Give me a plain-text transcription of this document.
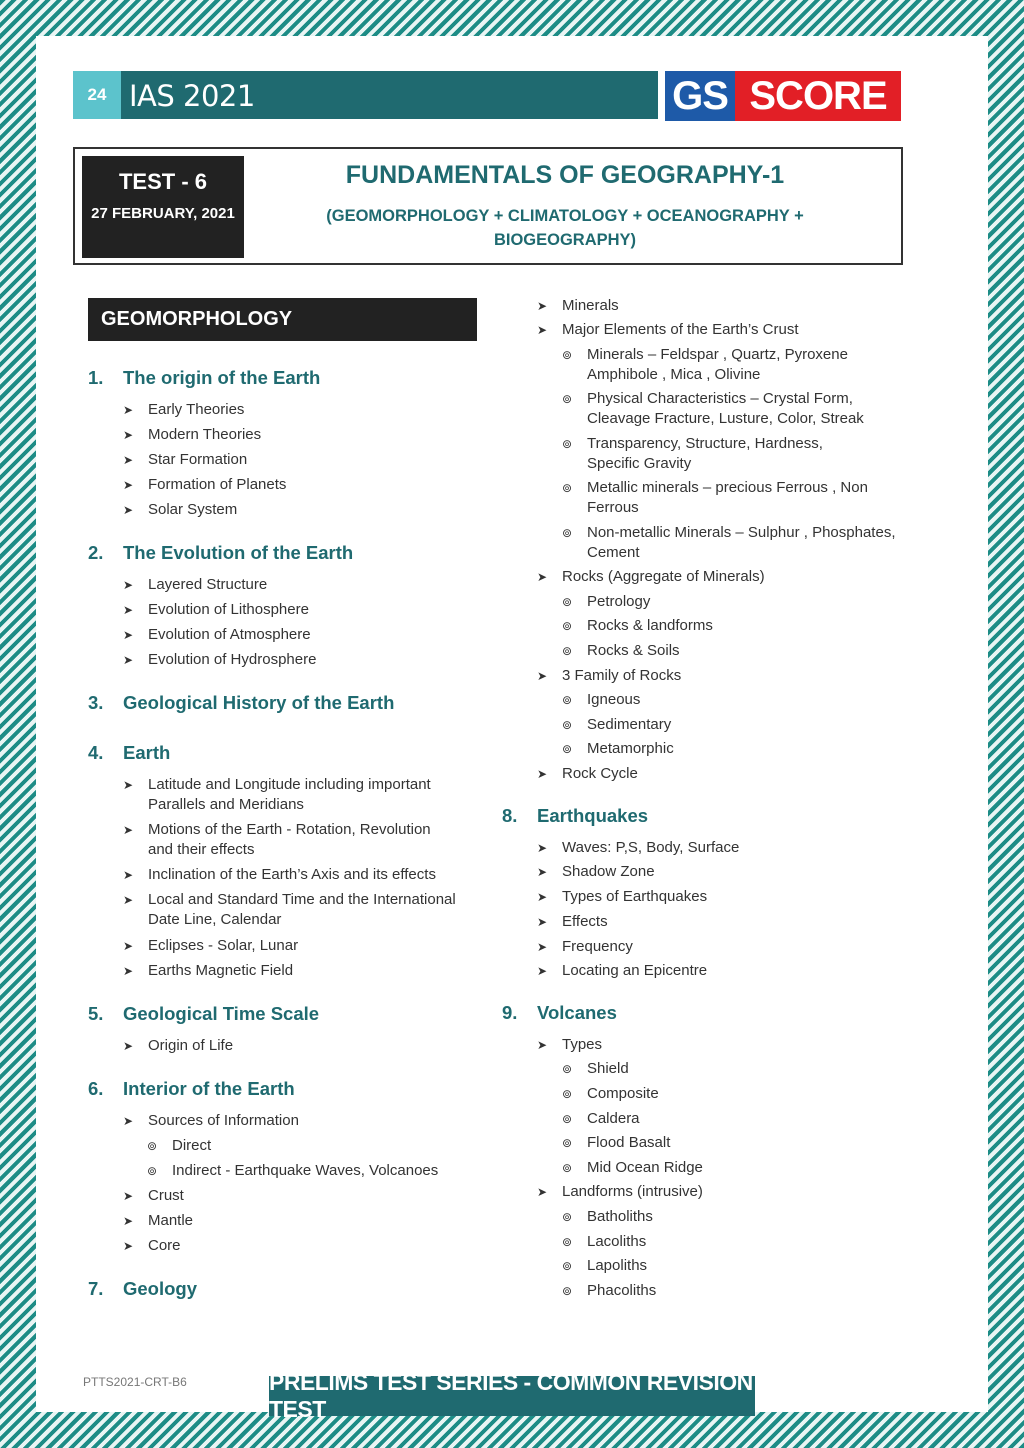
24 IAS 2021	GS SCORE
TEST - 6
27 FEBRUARY, 2021
FUNDAMENTALS OF GEOGRAPHY-1
(GEOMORPHOLOGY + CLIMATOLOGY + OCEANOGRAPHY + BIOGEOGRAPHY)
GEOMORPHOLOGY
1. The origin of the Earth
➤ Early Theories
➤ Modern Theories
➤ Star Formation
➤ Formation of Planets
➤ Solar System
2. The Evolution of the Earth
➤ Layered Structure
➤ Evolution of Lithosphere
➤ Evolution of Atmosphere
➤ Evolution of Hydrosphere
3. Geological History of the Earth
4. Earth
➤ Latitude and Longitude including important Parallels and Meridians
➤ Motions of the Earth - Rotation, Revolution and their effects
➤ Inclination of the Earth’s Axis and its effects
➤ Local and Standard Time and the International Date Line, Calendar
➤ Eclipses - Solar, Lunar
➤ Earths Magnetic Field
5. Geological Time Scale
➤ Origin of Life
6. Interior of the Earth
➤ Sources of Information
⊚ Direct
⊚ Indirect - Earthquake Waves, Volcanoes
➤ Crust
➤ Mantle
➤ Core
7. Geology
➤ Minerals
➤ Major Elements of the Earth’s Crust
⊚ Minerals – Feldspar , Quartz, Pyroxene Amphibole , Mica , Olivine
⊚ Physical Characteristics – Crystal Form, Cleavage Fracture, Lusture, Color, Streak
⊚ Transparency, Structure, Hardness, Specific Gravity
⊚ Metallic minerals – precious Ferrous , Non Ferrous
⊚ Non-metallic Minerals – Sulphur , Phosphates, Cement
➤ Rocks (Aggregate of Minerals)
⊚ Petrology
⊚ Rocks & landforms
⊚ Rocks & Soils
➤ 3 Family of Rocks
⊚ Igneous
⊚ Sedimentary
⊚ Metamorphic
➤ Rock Cycle
8. Earthquakes
➤ Waves: P,S, Body, Surface
➤ Shadow Zone
➤ Types of Earthquakes
➤ Effects
➤ Frequency
➤ Locating an Epicentre
9. Volcanes
➤ Types
⊚ Shield
⊚ Composite
⊚ Caldera
⊚ Flood Basalt
⊚ Mid Ocean Ridge
➤ Landforms (intrusive)
⊚ Batholiths
⊚ Lacoliths
⊚ Lapoliths
⊚ Phacoliths
PTTS2021-CRT-B6	PRELIMS TEST SERIES - COMMON REVISION TEST
